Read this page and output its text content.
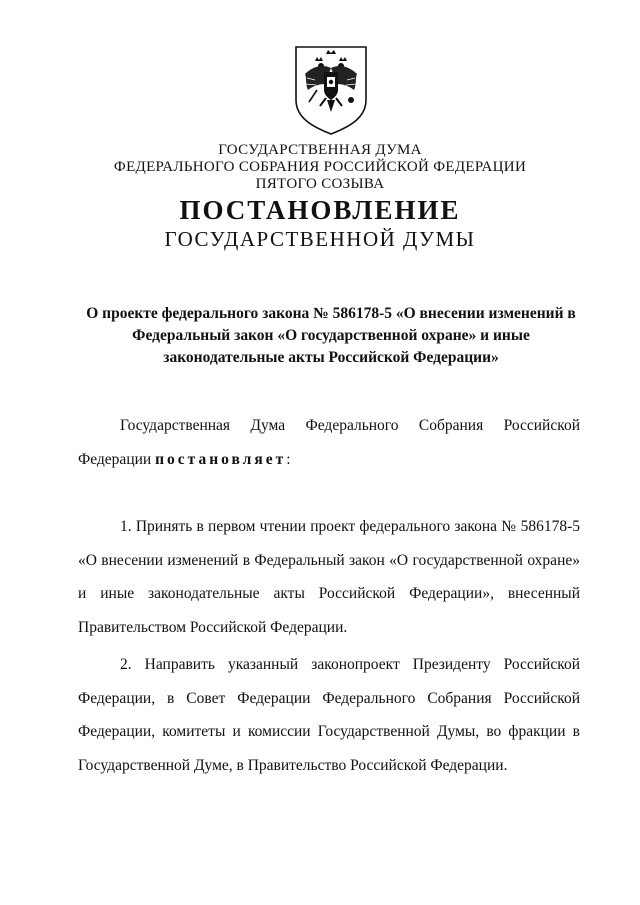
ГОСУДАРСТВЕННАЯ ДУМА
ФЕДЕРАЛЬНОГО СОБРАНИЯ РОССИЙСКОЙ ФЕДЕРАЦИИ
ПЯТОГО СОЗЫВА
ПОСТАНОВЛЕНИЕ
ГОСУДАРСТВЕННОЙ ДУМЫ
О проекте федерального закона № 586178-5 «О внесении изменений в Федеральный закон «О государственной охране» и иные законодательные акты Российской Федерации»
Государственная Дума Федерального Собрания Российской Федерации постановляет:
1. Принять в первом чтении проект федерального закона № 586178-5 «О внесении изменений в Федеральный закон «О государственной охране» и иные законодательные акты Российской Федерации», внесенный Правительством Российской Федерации.
2. Направить указанный законопроект Президенту Российской Федерации, в Совет Федерации Федерального Собрания Российской Федерации, комитеты и комиссии Государственной Думы, во фракции в Государственной Думе, в Правительство Российской Федерации.
